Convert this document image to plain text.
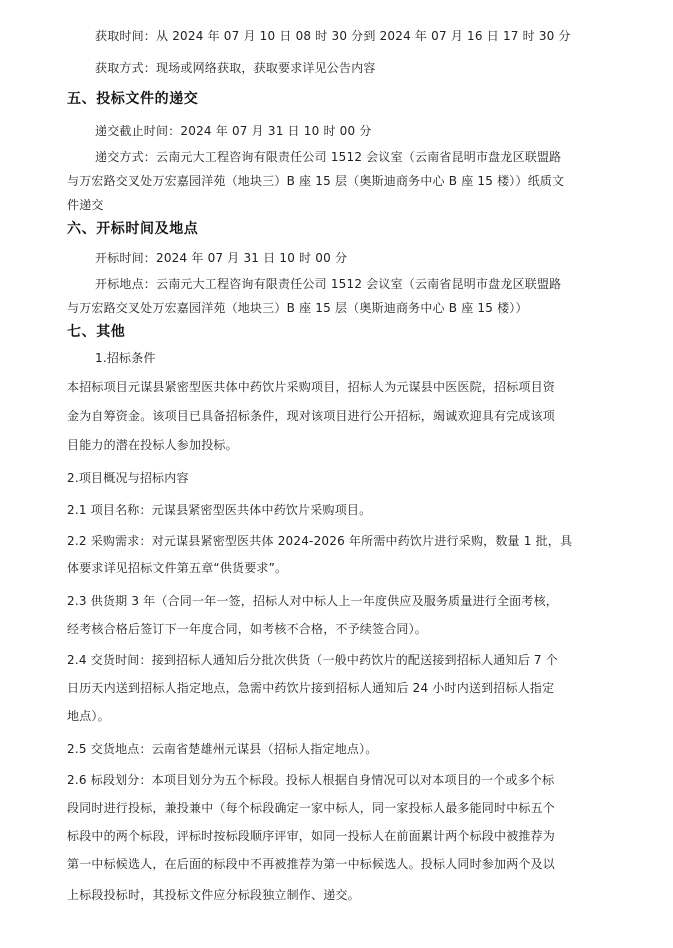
获取时间：从 2024 年 07 月 10 日 08 时 30 分到 2024 年 07 月 16 日 17 时 30 分
获取方式：现场或网络获取，获取要求详见公告内容
五、投标文件的递交
递交截止时间：2024 年 07 月 31 日 10 时 00 分
递交方式：云南元大工程咨询有限责任公司 1512 会议室（云南省昆明市盘龙区联盟路
与万宏路交叉处万宏嘉园洋苑（地块三）B 座 15 层（奥斯迪商务中心 B 座 15 楼））纸质文
件递交
六、开标时间及地点
开标时间：2024 年 07 月 31 日 10 时 00 分
开标地点：云南元大工程咨询有限责任公司 1512 会议室（云南省昆明市盘龙区联盟路
与万宏路交叉处万宏嘉园洋苑（地块三）B 座 15 层（奥斯迪商务中心 B 座 15 楼））
七、其他
1.招标条件
本招标项目元谋县紧密型医共体中药饮片采购项目，招标人为元谋县中医医院，招标项目资
金为自筹资金。该项目已具备招标条件，现对该项目进行公开招标，竭诚欢迎具有完成该项
目能力的潜在投标人参加投标。
2.项目概况与招标内容
2.1 项目名称：元谋县紧密型医共体中药饮片采购项目。
2.2 采购需求：对元谋县紧密型医共体 2024-2026 年所需中药饮片进行采购，数量 1 批，具
体要求详见招标文件第五章“供货要求”。
2.3 供货期 3 年（合同一年一签，招标人对中标人上一年度供应及服务质量进行全面考核，
经考核合格后签订下一年度合同，如考核不合格，不予续签合同）。
2.4 交货时间：接到招标人通知后分批次供货（一般中药饮片的配送接到招标人通知后 7 个
日历天内送到招标人指定地点，急需中药饮片接到招标人通知后 24 小时内送到招标人指定
地点）。
2.5 交货地点：云南省楚雄州元谋县（招标人指定地点）。
2.6 标段划分：本项目划分为五个标段。投标人根据自身情况可以对本项目的一个或多个标
段同时进行投标，兼投兼中（每个标段确定一家中标人，同一家投标人最多能同时中标五个
标段中的两个标段，评标时按标段顺序评审，如同一投标人在前面累计两个标段中被推荐为
第一中标候选人，在后面的标段中不再被推荐为第一中标候选人。投标人同时参加两个及以
上标段投标时，其投标文件应分标段独立制作、递交。
